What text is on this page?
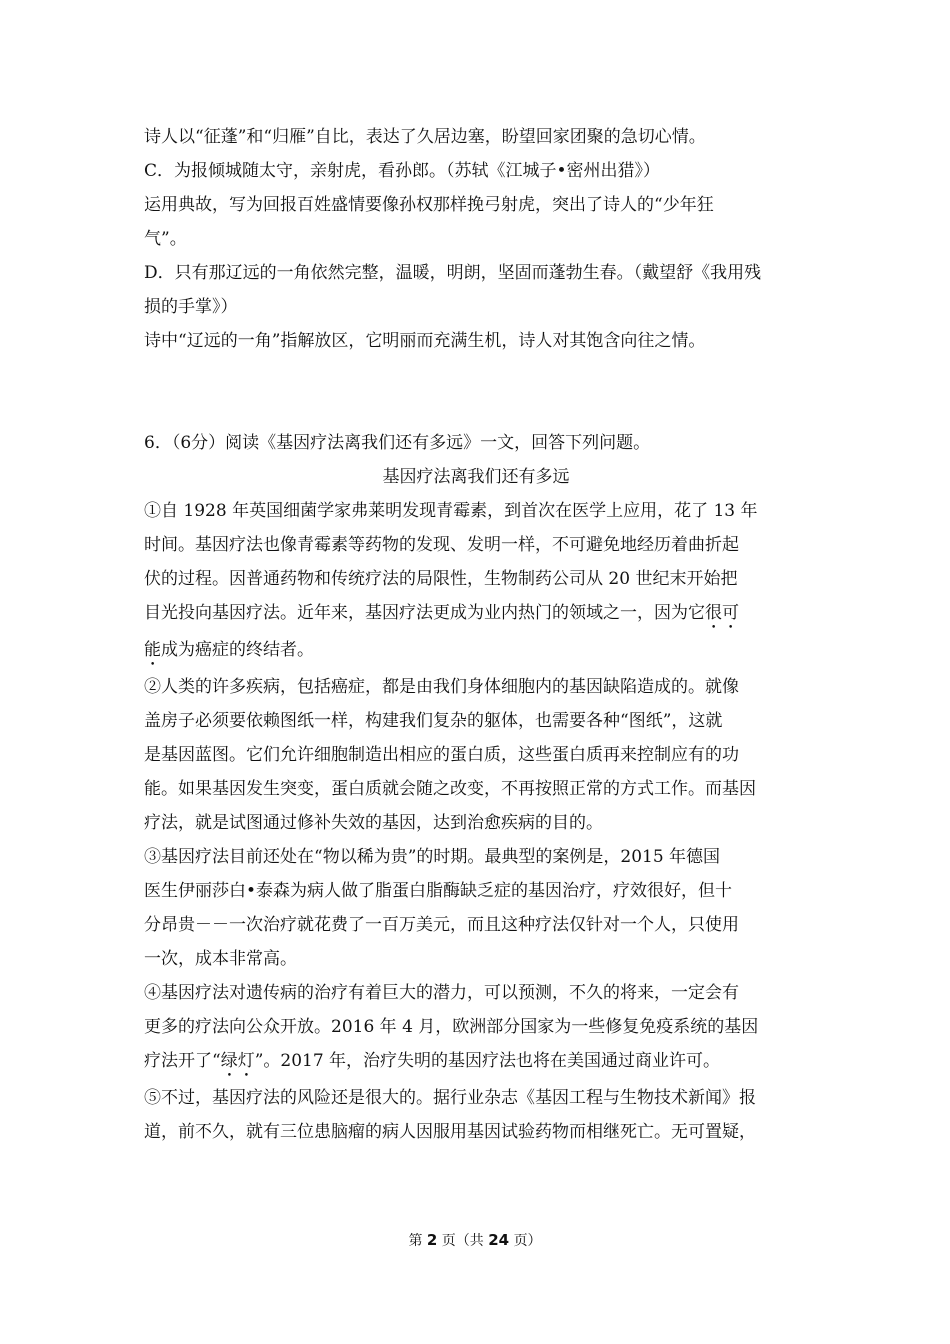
诗人以“征蓬”和“归雁”自比，表达了久居边塞，盼望回家团聚的急切心情。
C．为报倾城随太守，亲射虎，看孙郎。（苏轼《江城子•密州出猎》）
运用典故，写为回报百姓盛情要像孙权那样挽弓射虎，突出了诗人的“少年狂
气”。
D．只有那辽远的一角依然完整，温暖，明朗，坚固而蓬勃生春。（戴望舒《我用残
损的手掌》）
诗中“辽远的一角”指解放区，它明丽而充满生机，诗人对其饱含向往之情。
6．（6分）阅读《基因疗法离我们还有多远》一文，回答下列问题。
基因疗法离我们还有多远
①自 1928 年英国细菌学家弗莱明发现青霉素，到首次在医学上应用，花了 13 年
时间。基因疗法也像青霉素等药物的发现、发明一样，不可避免地经历着曲折起
伏的过程。因普通药物和传统疗法的局限性，生物制药公司从 20 世纪末开始把
目光投向基因疗法。近年来，基因疗法更成为业内热门的领域之一，因为它很可
能成为癌症的终结者。
②人类的许多疾病，包括癌症，都是由我们身体细胞内的基因缺陷造成的。就像
盖房子必须要依赖图纸一样，构建我们复杂的躯体，也需要各种“图纸”，这就
是基因蓝图。它们允许细胞制造出相应的蛋白质，这些蛋白质再来控制应有的功
能。如果基因发生突变，蛋白质就会随之改变，不再按照正常的方式工作。而基因
疗法，就是试图通过修补失效的基因，达到治愈疾病的目的。
③基因疗法目前还处在“物以稀为贵”的时期。最典型的案例是，2015 年德国
医生伊丽莎白•泰森为病人做了脂蛋白脂酶缺乏症的基因治疗，疗效很好，但十
分昂贵－－一次治疗就花费了一百万美元，而且这种疗法仅针对一个人，只使用
一次，成本非常高。
④基因疗法对遗传病的治疗有着巨大的潜力，可以预测，不久的将来，一定会有
更多的疗法向公众开放。2016 年 4 月，欧洲部分国家为一些修复免疫系统的基因
疗法开了“绿灯”。2017 年，治疗失明的基因疗法也将在美国通过商业许可。
⑤不过，基因疗法的风险还是很大的。据行业杂志《基因工程与生物技术新闻》报
道，前不久，就有三位患脑瘤的病人因服用基因试验药物而相继死亡。无可置疑，
第 2 页（共 24 页）
